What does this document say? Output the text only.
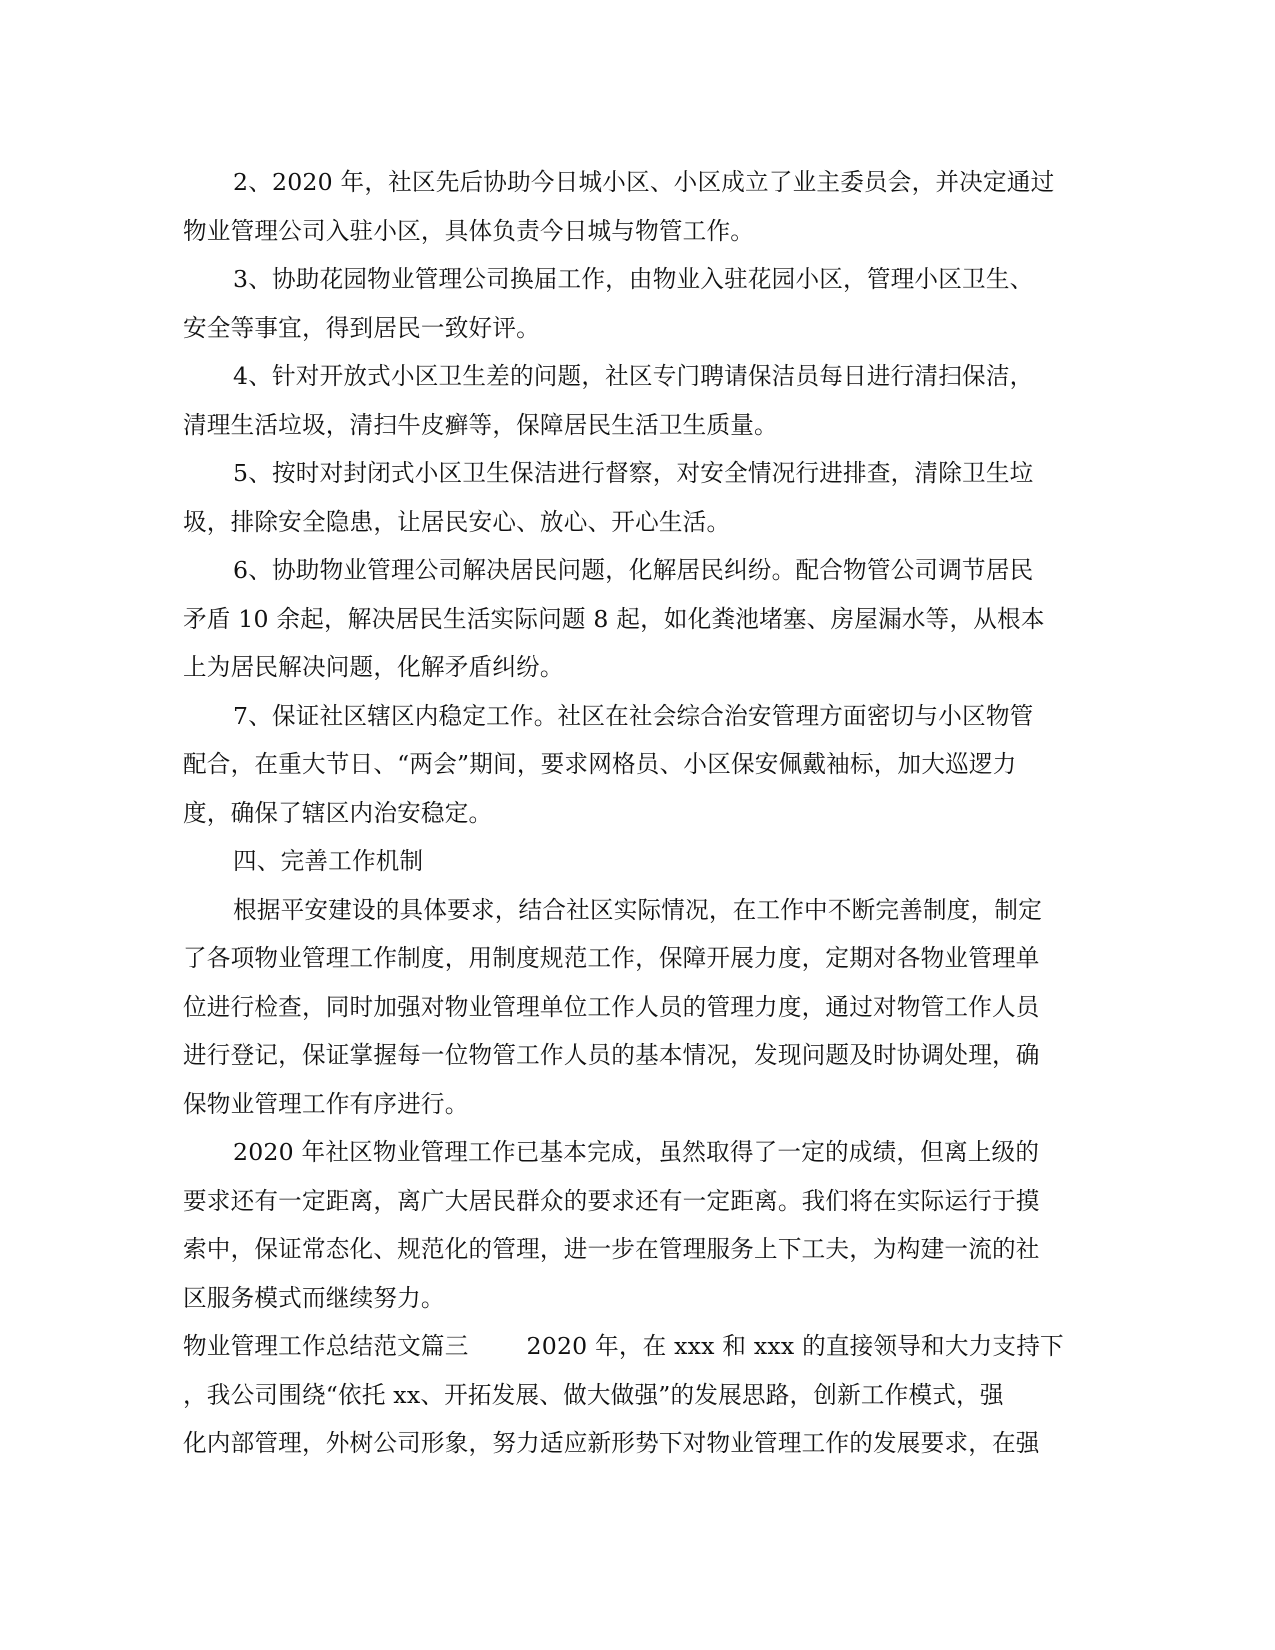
2、2020 年，社区先后协助今日城小区、小区成立了业主委员会，并决定通过
物业管理公司入驻小区，具体负责今日城与物管工作。
3、协助花园物业管理公司换届工作，由物业入驻花园小区，管理小区卫生、
安全等事宜，得到居民一致好评。
4、针对开放式小区卫生差的问题，社区专门聘请保洁员每日进行清扫保洁，
清理生活垃圾，清扫牛皮癣等，保障居民生活卫生质量。
5、按时对封闭式小区卫生保洁进行督察，对安全情况行进排查，清除卫生垃
圾，排除安全隐患，让居民安心、放心、开心生活。
6、协助物业管理公司解决居民问题，化解居民纠纷。配合物管公司调节居民
矛盾 10 余起，解决居民生活实际问题 8 起，如化粪池堵塞、房屋漏水等，从根本
上为居民解决问题，化解矛盾纠纷。
7、保证社区辖区内稳定工作。社区在社会综合治安管理方面密切与小区物管
配合，在重大节日、“两会”期间，要求网格员、小区保安佩戴袖标，加大巡逻力
度，确保了辖区内治安稳定。
四、完善工作机制
根据平安建设的具体要求，结合社区实际情况，在工作中不断完善制度，制定
了各项物业管理工作制度，用制度规范工作，保障开展力度，定期对各物业管理单
位进行检查，同时加强对物业管理单位工作人员的管理力度，通过对物管工作人员
进行登记，保证掌握每一位物管工作人员的基本情况，发现问题及时协调处理，确
保物业管理工作有序进行。
2020 年社区物业管理工作已基本完成，虽然取得了一定的成绩，但离上级的
要求还有一定距离，离广大居民群众的要求还有一定距离。我们将在实际运行于摸
索中，保证常态化、规范化的管理，进一步在管理服务上下工夫，为构建一流的社
区服务模式而继续努力。
物业管理工作总结范文篇三 2020 年，在 xxx 和 xxx 的直接领导和大力支持下
，我公司围绕“依托 xx、开拓发展、做大做强”的发展思路，创新工作模式，强
化内部管理，外树公司形象，努力适应新形势下对物业管理工作的发展要求，在强
